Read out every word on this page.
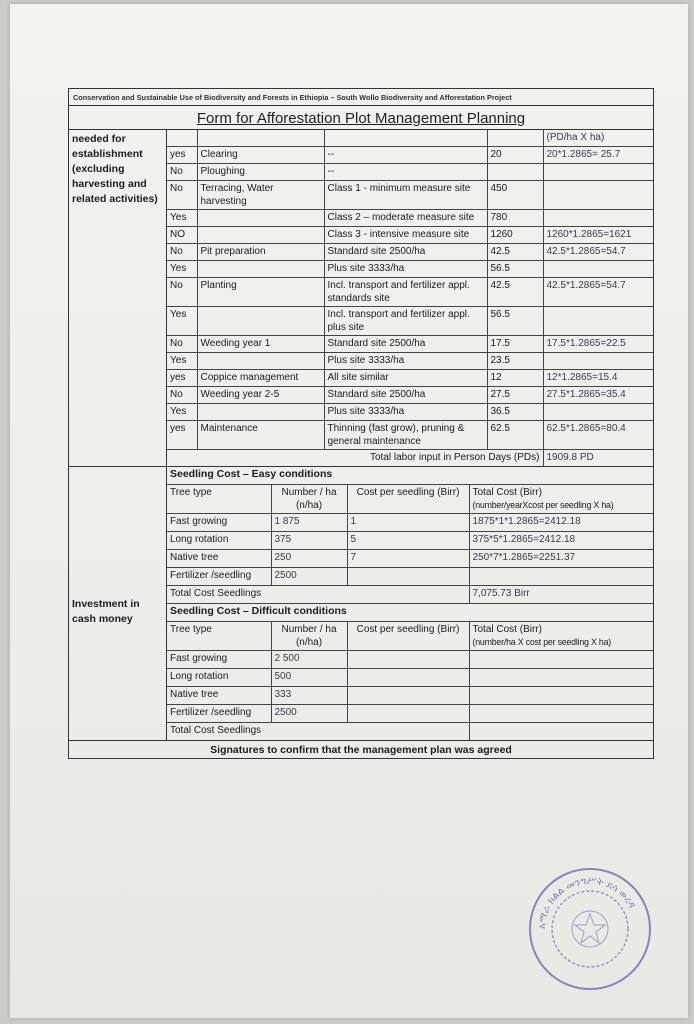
Conservation and Sustainable Use of Biodiversity and Forests in Ethiopia – South Wollo Biodiversity and Afforestation Project
Form for Afforestation Plot Management Planning
needed for establishment (excluding harvesting and related activities)
				(PD/ha X ha)
yes	Clearing	--	20	20*1.2865= 25.7
No	Ploughing	--		
No	Terracing, Water harvesting	Class 1 - minimum measure site	450	
Yes		Class 2 – moderate measure site	780	
NO		Class 3 - intensive measure site	1260	1260*1.2865=1621
No	Pit preparation	Standard site 2500/ha	42.5	42.5*1.2865=54.7
Yes		Plus site 3333/ha	56.5	
No	Planting	Incl. transport and fertilizer appl. standards site	42.5	42.5*1.2865=54.7
Yes		Incl. transport and fertilizer appl. plus site	56.5	
No	Weeding year 1	Standard site 2500/ha	17.5	17.5*1.2865=22.5
Yes		Plus site 3333/ha	23.5	
yes	Coppice management	All site similar	12	12*1.2865=15.4
No	Weeding year 2-5	Standard site 2500/ha	27.5	27.5*1.2865=35.4
Yes		Plus site 3333/ha	36.5	
yes	Maintenance	Thinning (fast grow), pruning & general maintenance	62.5	62.5*1.2865=80.4
Total labor input in Person Days (PDs)				1909.8 PD
Investment in cash money
Seedling Cost – Easy conditions			
Tree type	Number / ha (n/ha)	Cost per seedling (Birr)	Total Cost (Birr)
(number/yearXcost per seedling X ha)
Fast growing	1 875	1	1875*1*1.2865=2412.18
Long rotation	375	5	375*5*1.2865=2412.18
Native tree	250	7	250*7*1.2865=2251.37
Fertilizer /seedling	2500		
Total Cost Seedlings			7,075.73 Birr
Seedling Cost – Difficult conditions			
Tree type	Number / ha (n/ha)	Cost per seedling (Birr)	Total Cost (Birr)
(number/ha X cost per seedling X ha)
Fast growing	2 500		
Long rotation	500		
Native tree	333		
Fertilizer /seedling	2500		
Total Cost Seedlings			
Signatures to confirm that the management plan was agreed
አማራ ክልል መንግሥት ደሳ ወረዳ
